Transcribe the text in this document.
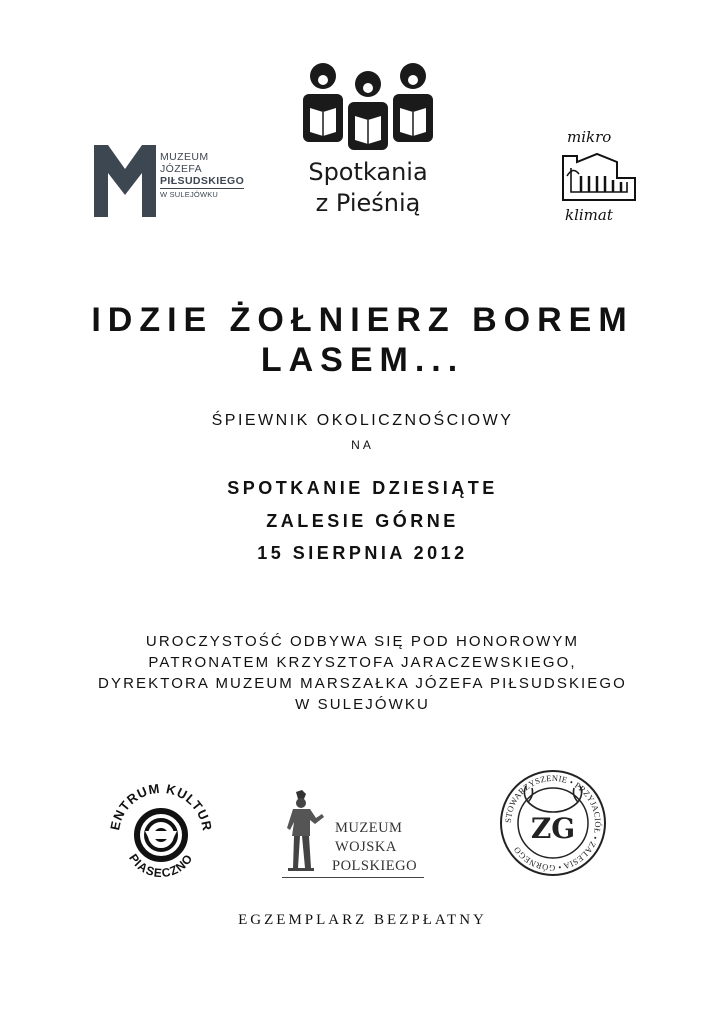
MUZEUM
JÓZEFA
PIŁSUDSKIEGO
W SULEJÓWKU
Spotkania
z Pieśnią
mikro
klimat
IDZIE ŻOŁNIERZ BOREM
LASEM...
ŚPIEWNIK OKOLICZNOŚCIOWY
NA
SPOTKANIE DZIESIĄTE
ZALESIE GÓRNE
15 SIERPNIA 2012
UROCZYSTOŚĆ ODBYWA SIĘ POD HONOROWYM
PATRONATEM KRZYSZTOFA JARACZEWSKIEGO,
DYREKTORA MUZEUM MARSZAŁKA JÓZEFA PIŁSUDSKIEGO
W SULEJÓWKU
ENTRUM KULTUR
PIASECZNO
MUZEUM
WOJSKA
POLSKIEGO
STOWARZYSZENIE • PRZYJACIÓŁ • ZALESIA • GÓRNEGO
ZG
EGZEMPLARZ BEZPŁATNY
